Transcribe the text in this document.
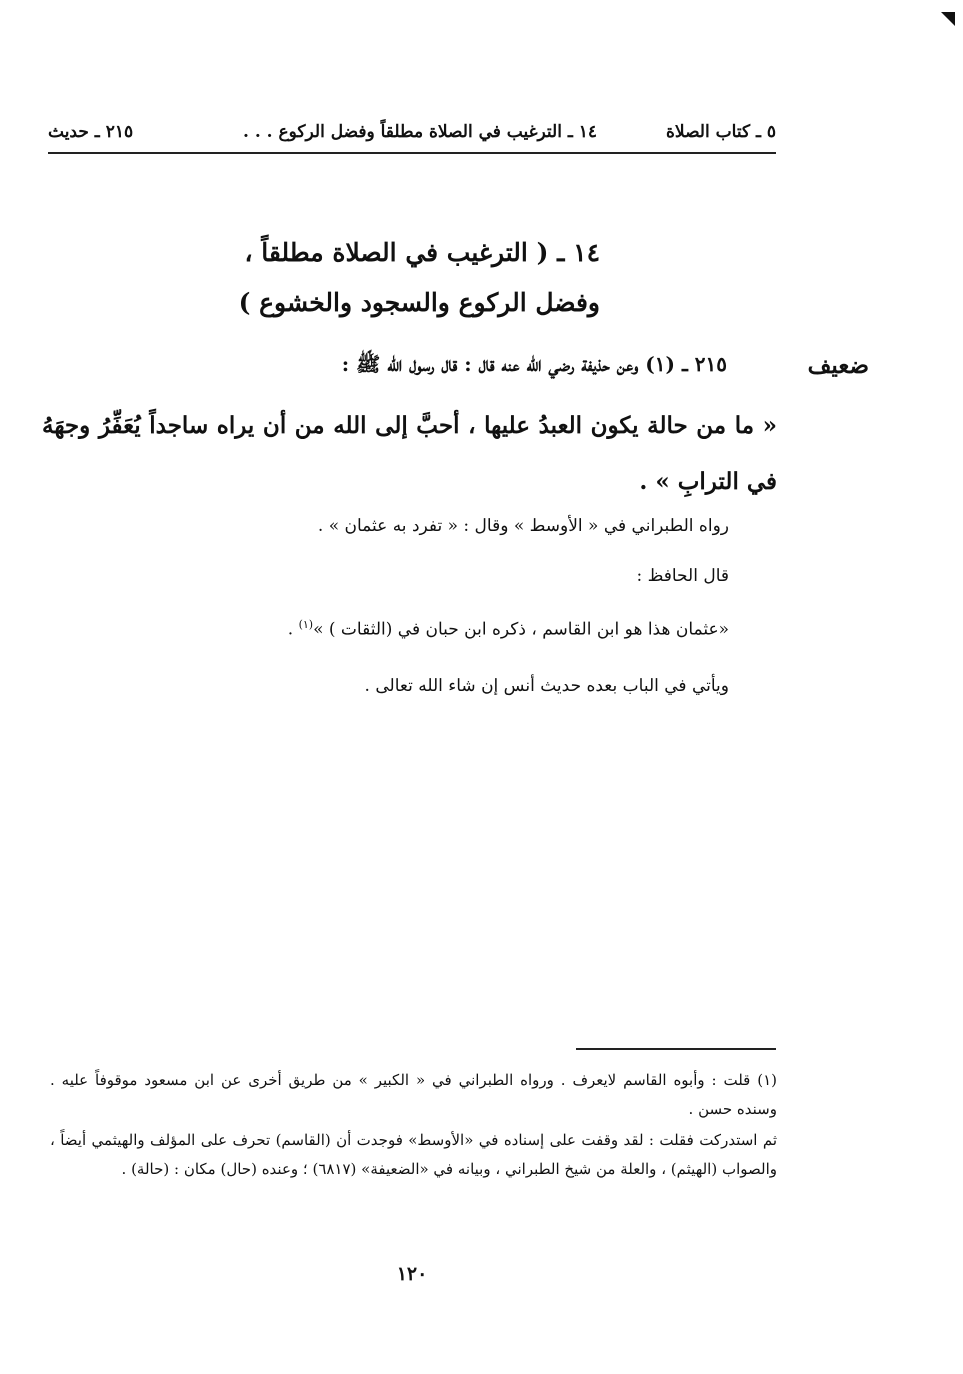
٥ ـ كتاب الصلاة
١٤ ـ الترغيب في الصلاة مطلقاً وفضل الركوع . . .
٢١٥ ـ حديث
١٤ ـ ( الترغيب في الصلاة مطلقاً ،
وفضل الركوع والسجود والخشوع )
ضعيف
٢١٥ ـ (١) وعن حذيفة رضي الله عنه قال : قال رسول الله ﷺ :
« ما من حالة يكون العبدُ عليها ، أحبَّ إلى الله من أن يراه ساجداً يُعَفِّرُ وجهَهُ في الترابِ » .
رواه الطبراني في « الأوسط » وقال : « تفرد به عثمان » .
قال الحافظ :
«عثمان هذا هو ابن القاسم ، ذكره ابن حبان في (الثقات ) »$^{(١)}$ .
ويأتي في الباب بعده حديث أنس إن شاء الله تعالى .

(١) قلت : وأبوه القاسم لايعرف . ورواه الطبراني في « الكبير » من طريق أخرى عن ابن مسعود موقوفاً عليه . وسنده حسن .

ثم استدركت فقلت : لقد وقفت على إسناده في «الأوسط» فوجدت أن (القاسم) تحرف على المؤلف والهيثمي أيضاً ، والصواب (الهيثم) ، والعلة من شيخ الطبراني ، وبيانه في «الضعيفة» (٦٨١٧) ؛ وعنده (حال) مكان : (حالة) .

١٢٠
